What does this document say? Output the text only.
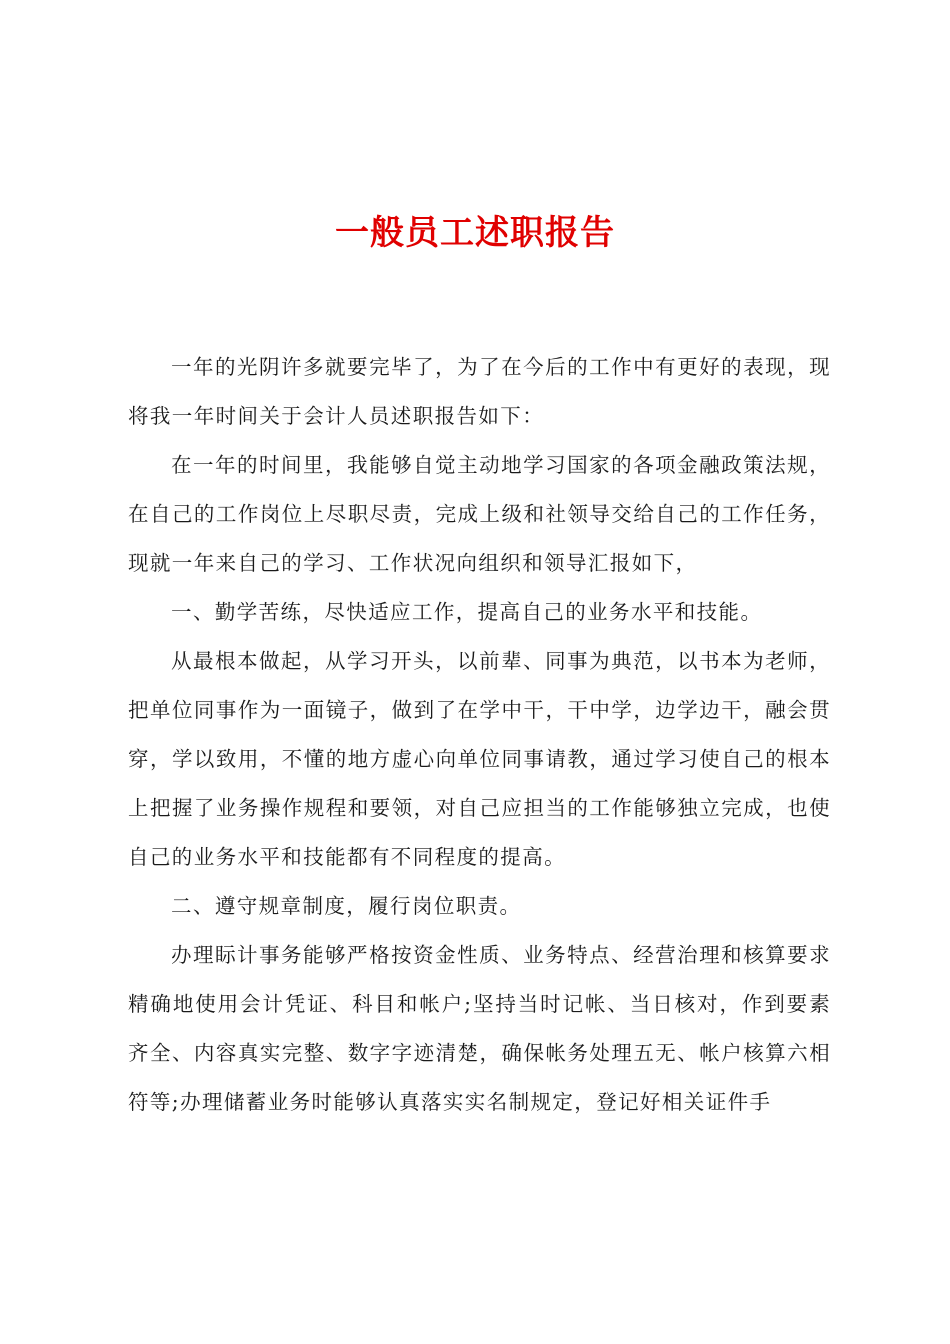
一般员工述职报告

一年的光阴许多就要完毕了，为了在今后的工作中有更好的表现，现将我一年时间关于会计人员述职报告如下：

在一年的时间里，我能够自觉主动地学习国家的各项金融政策法规，在自己的工作岗位上尽职尽责，完成上级和社领导交给自己的工作任务，现就一年来自己的学习、工作状况向组织和领导汇报如下，

一、勤学苦练，尽快适应工作，提高自己的业务水平和技能。

从最根本做起，从学习开头，以前辈、同事为典范，以书本为老师，把单位同事作为一面镜子，做到了在学中干，干中学，边学边干，融会贯穿，学以致用，不懂的地方虚心向单位同事请教，通过学习使自己的根本上把握了业务操作规程和要领，对自己应担当的工作能够独立完成，也使自己的业务水平和技能都有不同程度的提高。

二、遵守规章制度，履行岗位职责。

办理眎计事务能够严格按资金性质、业务特点、经营治理和核算要求精确地使用会计凭证、科目和帐户;坚持当时记帐、当日核对，作到要素齐全、内容真实完整、数字字迹清楚，确保帐务处理五无、帐户核算六相符等;办理储蓄业务时能够认真落实实名制规定，登记好相关证件手
